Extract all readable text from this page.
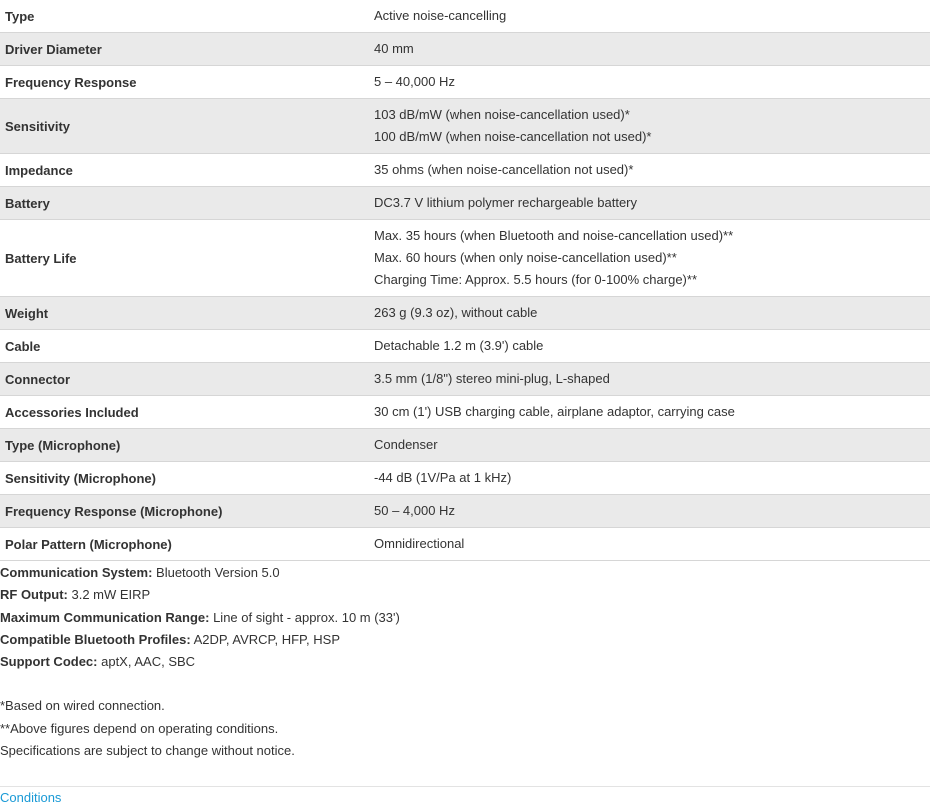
Type	Active noise-cancelling

Driver Diameter	40 mm

Frequency Response	5 – 40,000 Hz

Sensitivity	103 dB/mW (when noise-cancellation used)*
100 dB/mW (when noise-cancellation not used)*

Impedance	35 ohms (when noise-cancellation not used)*

Battery	DC3.7 V lithium polymer rechargeable battery

Battery Life	Max. 35 hours (when Bluetooth and noise-cancellation used)**
Max. 60 hours (when only noise-cancellation used)**
Charging Time: Approx. 5.5 hours (for 0-100% charge)**

Weight	263 g (9.3 oz), without cable

Cable	Detachable 1.2 m (3.9') cable

Connector	3.5 mm (1/8") stereo mini-plug, L-shaped

Accessories Included	30 cm (1') USB charging cable, airplane adaptor, carrying case

Type (Microphone)	Condenser

Sensitivity (Microphone)	-44 dB (1V/Pa at 1 kHz)

Frequency Response (Microphone)	50 – 4,000 Hz

Polar Pattern (Microphone)	Omnidirectional
Communication System: Bluetooth Version 5.0
RF Output: 3.2 mW EIRP
Maximum Communication Range: Line of sight - approx. 10 m (33')
Compatible Bluetooth Profiles: A2DP, AVRCP, HFP, HSP
Support Codec: aptX, AAC, SBC
*Based on wired connection.
**Above figures depend on operating conditions.
Specifications are subject to change without notice.
Conditions
